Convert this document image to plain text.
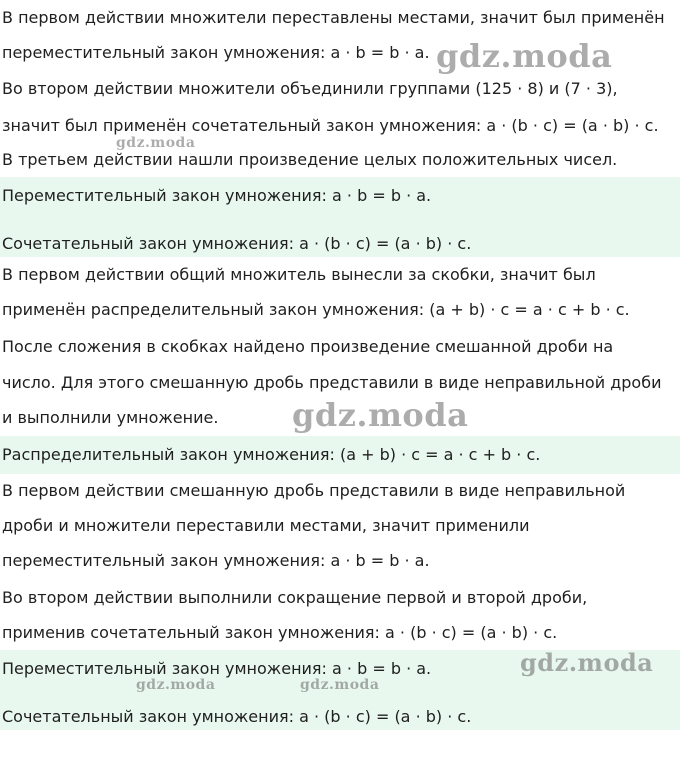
В первом действии множители переставлены местами, значит был применён
переместительный закон умножения: a · b = b · a.
Во втором действии множители объединили группами (125 · 8) и (7 · 3),
значит был применён сочетательный закон умножения: a · (b · c) = (a · b) · c.
В третьем действии нашли произведение целых положительных чисел.
Переместительный закон умножения: a · b = b · a.
Сочетательный закон умножения: a · (b · c) = (a · b) · c.
В первом действии общий множитель вынесли за скобки, значит был
применён распределительный закон умножения: (a + b) · c = a · c + b · c.
После сложения в скобках найдено произведение смешанной дроби на
число. Для этого смешанную дробь представили в виде неправильной дроби
и выполнили умножение.
Распределительный закон умножения: (a + b) · c = a · c + b · c.
В первом действии смешанную дробь представили в виде неправильной
дроби и множители переставили местами, значит применили
переместительный закон умножения: a · b = b · a.
Во втором действии выполнили сокращение первой и второй дроби,
применив сочетательный закон умножения: a · (b · c) = (a · b) · c.
Переместительный закон умножения: a · b = b · a.
Сочетательный закон умножения: a · (b · c) = (a · b) · c.
gdz.moda
gdz.moda
gdz.moda
gdz.moda
gdz.moda	gdz.moda
